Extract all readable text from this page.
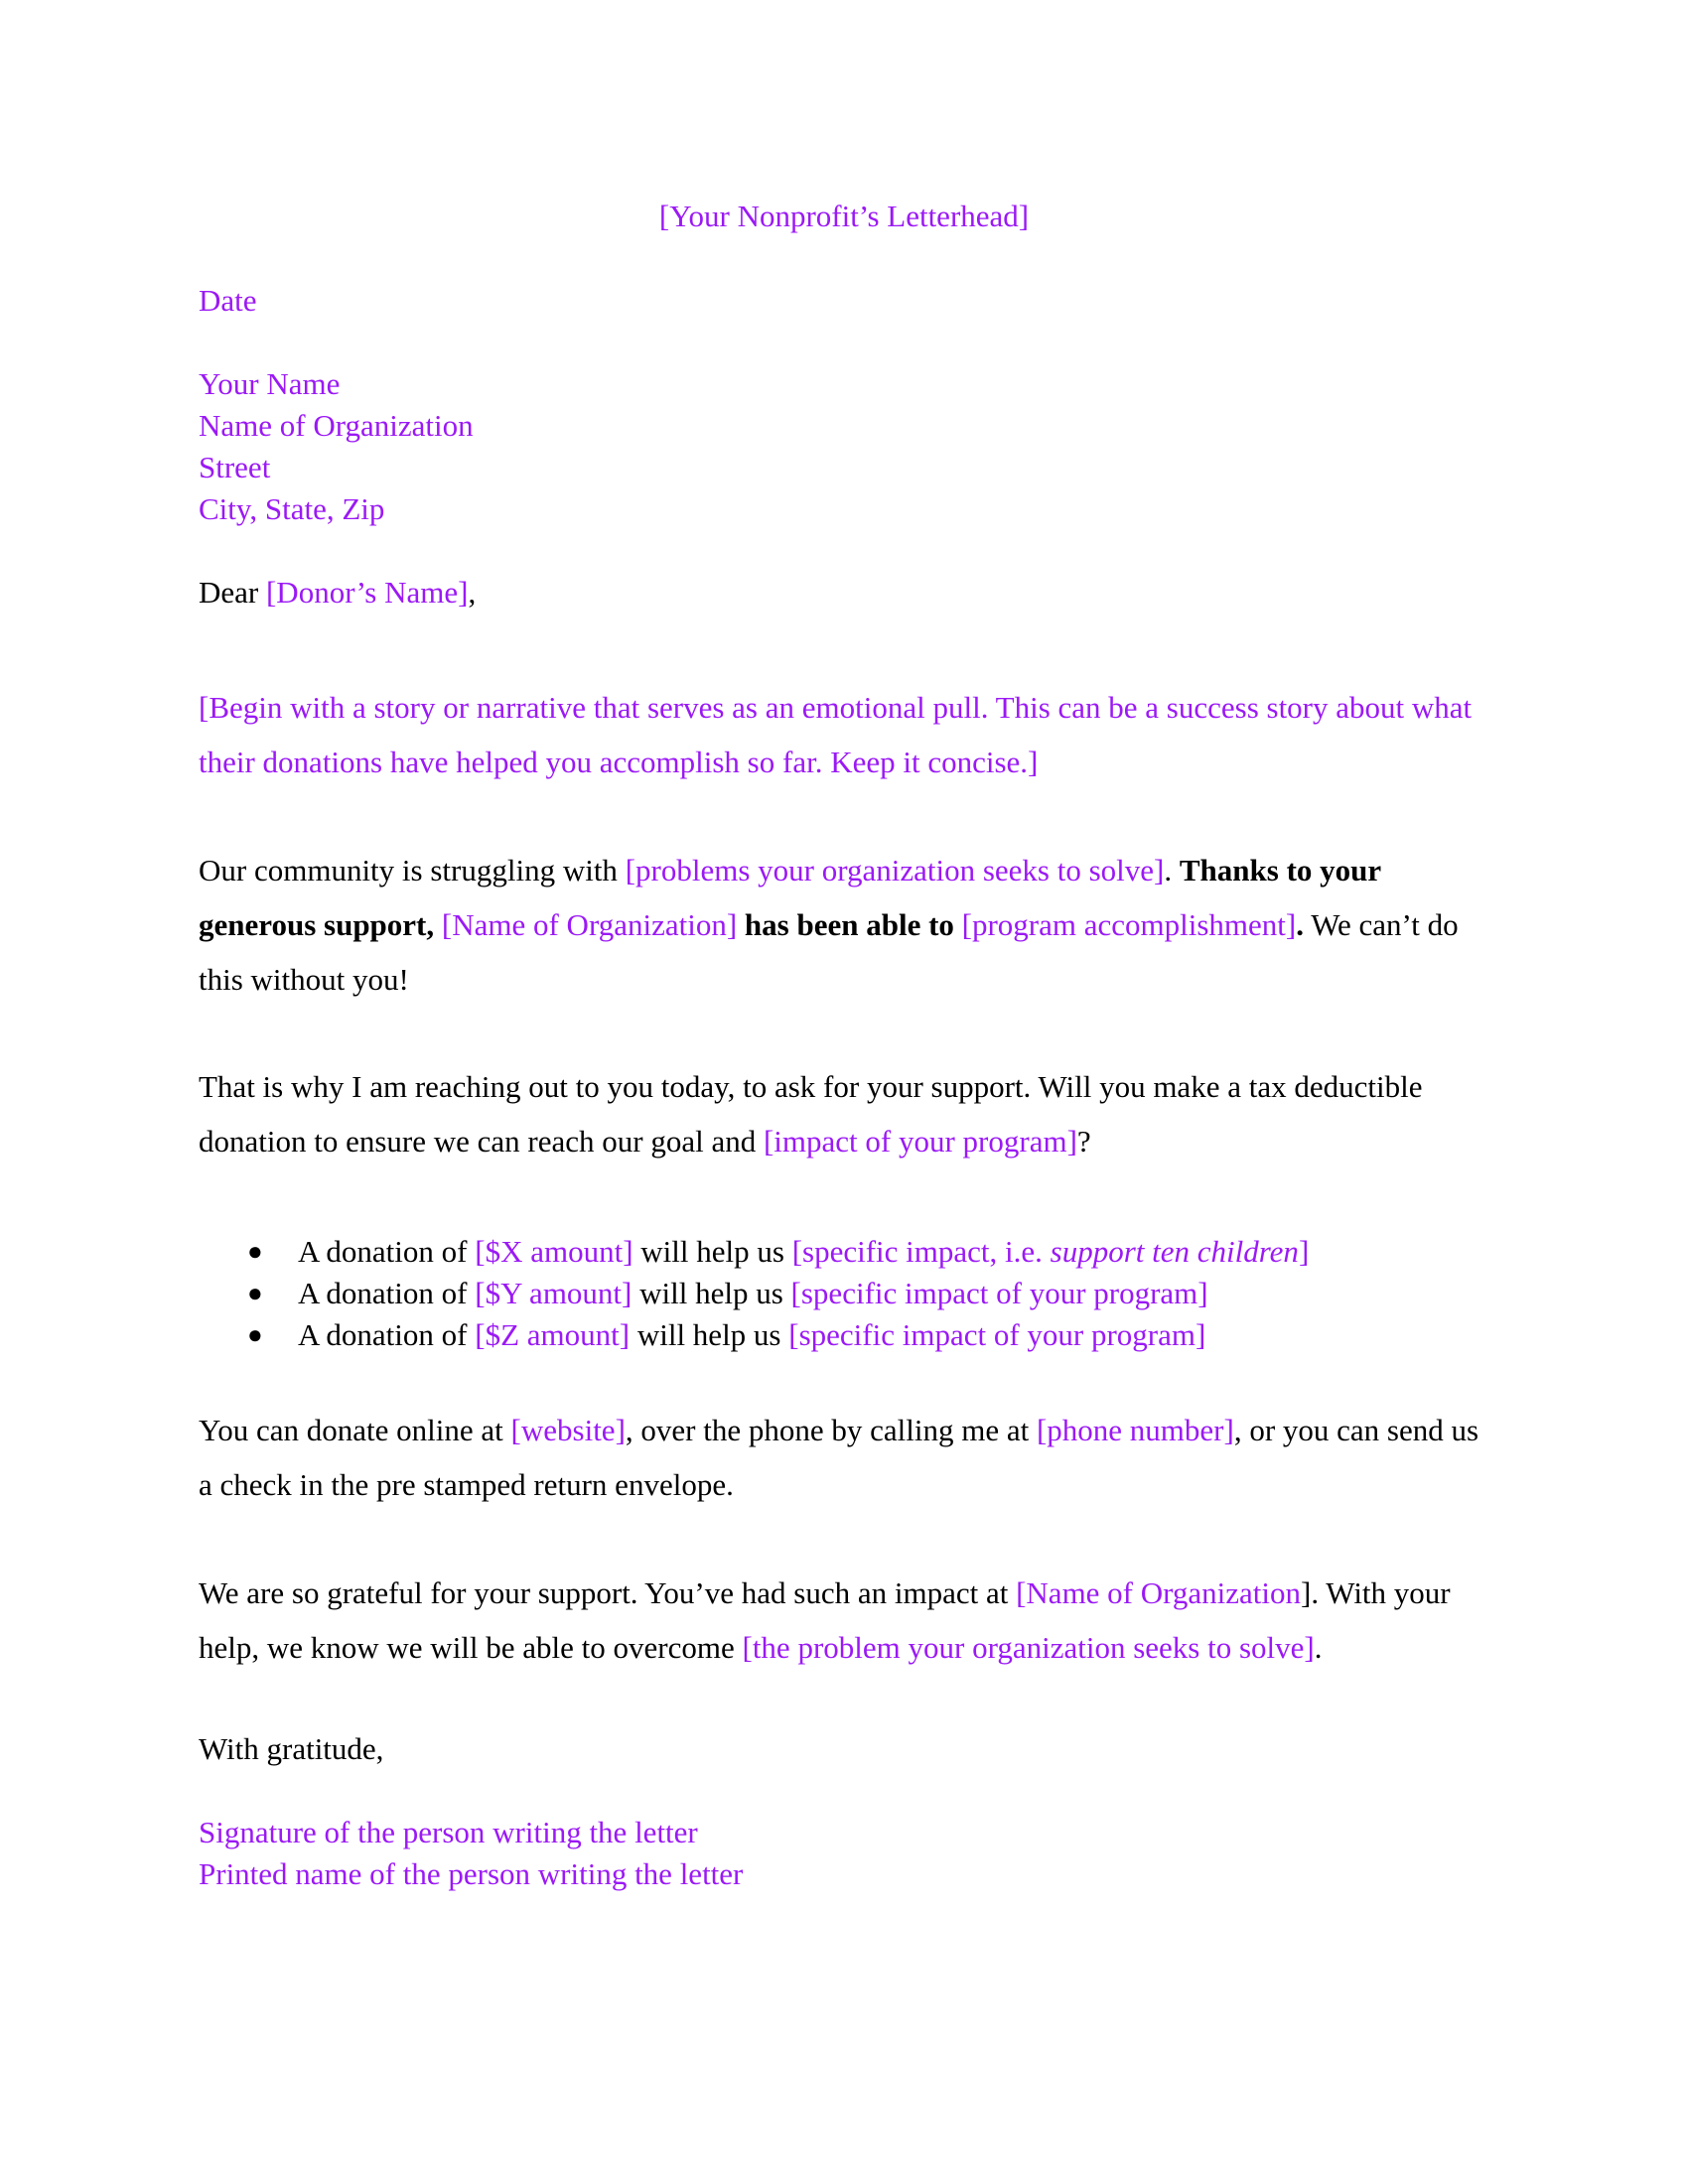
[Your Nonprofit’s Letterhead]
Date
Your Name
Name of Organization
Street
City, State, Zip
Dear [Donor’s Name],

[Begin with a story or narrative that serves as an emotional pull. This can be a success story about what their donations have helped you accomplish so far. Keep it concise.]

Our community is struggling with [problems your organization seeks to solve]. Thanks to your generous support, [Name of Organization] has been able to [program accomplishment]. We can’t do this without you!

That is why I am reaching out to you today, to ask for your support. Will you make a tax deductible donation to ensure we can reach our goal and [impact of your program]?

● A donation of [$X amount] will help us [specific impact, i.e. support ten children]
● A donation of [$Y amount] will help us [specific impact of your program]
● A donation of [$Z amount] will help us [specific impact of your program]

You can donate online at [website], over the phone by calling me at [phone number], or you can send us a check in the pre stamped return envelope.

We are so grateful for your support. You’ve had such an impact at [Name of Organization]. With your help, we know we will be able to overcome [the problem your organization seeks to solve].

With gratitude,
Signature of the person writing the letter
Printed name of the person writing the letter
